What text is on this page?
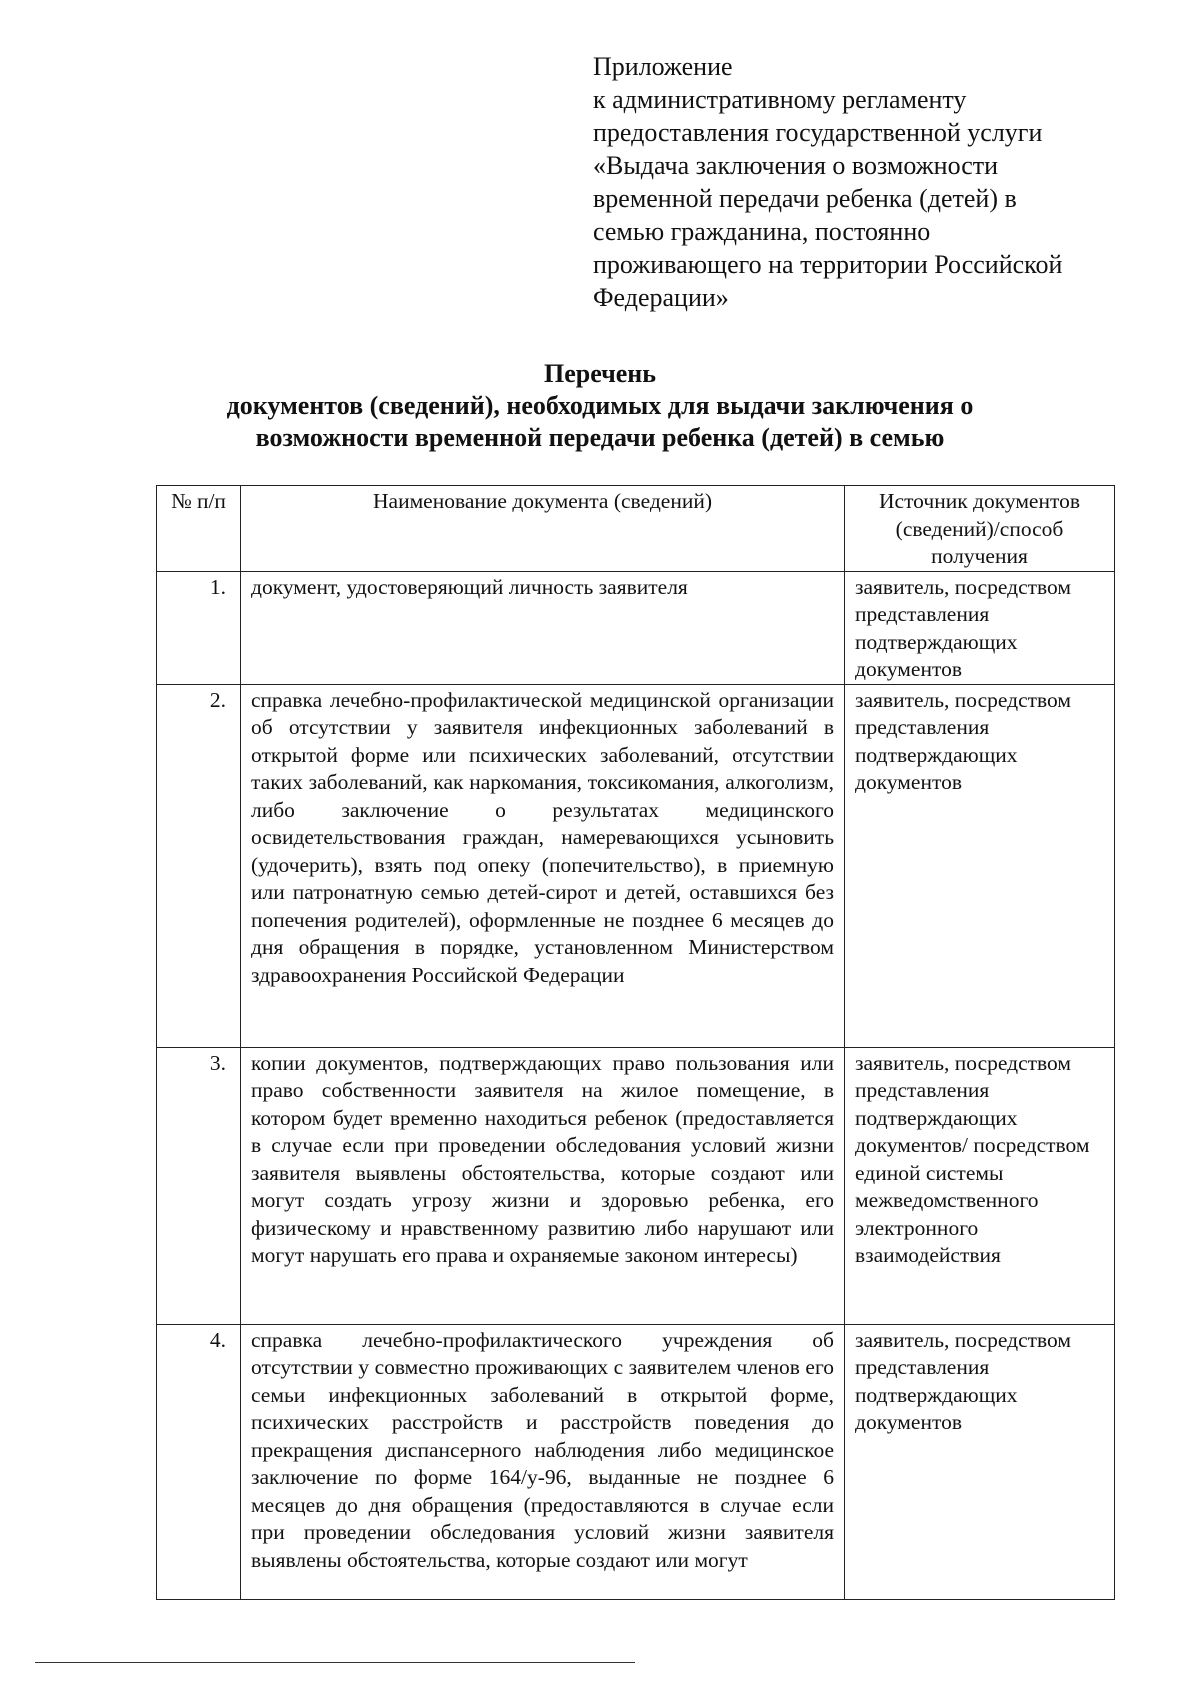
Приложение
к административному регламенту
предоставления государственной услуги
«Выдача заключения о возможности
временной передачи ребенка (детей) в
семью гражданина, постоянно
проживающего на территории Российской
Федерации»
Перечень
документов (сведений), необходимых для выдачи заключения о
возможности временной передачи ребенка (детей) в семью
№ п/п	Наименование документа (сведений)	Источник документов (сведений)/способ получения
1.	документ, удостоверяющий личность заявителя	заявитель, посредством представления подтверждающих документов
2.	справка лечебно-профилактической медицинской организации об отсутствии у заявителя инфекционных заболеваний в открытой форме или психических заболеваний, отсутствии таких заболеваний, как наркомания, токсикомания, алкоголизм, либо заключение о результатах медицинского освидетельствования граждан, намеревающихся усыновить (удочерить), взять под опеку (попечительство), в приемную или патронатную семью детей-сирот и детей, оставшихся без попечения родителей), оформленные не позднее 6 месяцев до дня обращения в порядке, установленном Министерством здравоохранения Российской Федерации	заявитель, посредством представления подтверждающих документов
3.	копии документов, подтверждающих право пользования или право собственности заявителя на жилое помещение, в котором будет временно находиться ребенок (предоставляется в случае если при проведении обследования условий жизни заявителя выявлены обстоятельства, которые создают или могут создать угрозу жизни и здоровью ребенка, его физическому и нравственному развитию либо нарушают или могут нарушать его права и охраняемые законом интересы)	заявитель, посредством представления подтверждающих документов/ посредством единой системы межведомственного электронного взаимодействия
4.	справка лечебно-профилактического учреждения об отсутствии у совместно проживающих с заявителем членов его семьи инфекционных заболеваний в открытой форме, психических расстройств и расстройств поведения до прекращения диспансерного наблюдения либо медицинское заключение по форме 164/у-96, выданные не позднее 6 месяцев до дня обращения (предоставляются в случае если при проведении обследования условий жизни заявителя выявлены обстоятельства, которые создают или могут	заявитель, посредством представления подтверждающих документов
